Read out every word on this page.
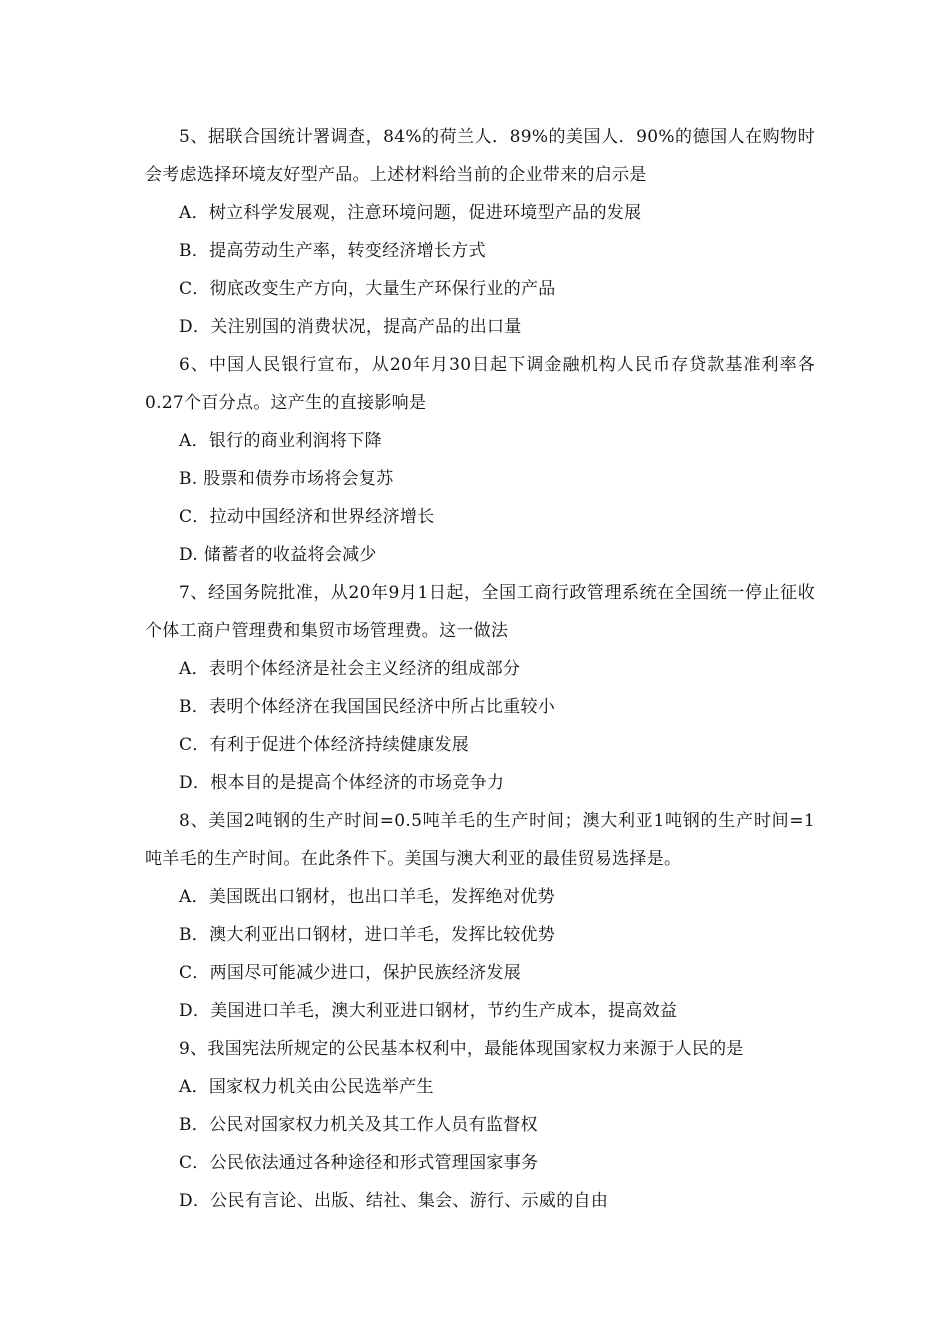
5、据联合国统计署调查，84%的荷兰人．89%的美国人．90%的德国人在购物时会考虑选择环境友好型产品。上述材料给当前的企业带来的启示是

A．树立科学发展观，注意环境问题，促进环境型产品的发展
B．提高劳动生产率，转变经济增长方式
C．彻底改变生产方向，大量生产环保行业的产品
D．关注别国的消费状况，提高产品的出口量

6、中国人民银行宣布，从20年月30日起下调金融机构人民币存贷款基准利率各0.27个百分点。这产生的直接影响是

A．银行的商业利润将下降
B. 股票和债券市场将会复苏
C．拉动中国经济和世界经济增长
D. 储蓄者的收益将会减少

7、经国务院批准，从20年9月1日起，全国工商行政管理系统在全国统一停止征收个体工商户管理费和集贸市场管理费。这一做法

A．表明个体经济是社会主义经济的组成部分
B．表明个体经济在我国国民经济中所占比重较小
C．有利于促进个体经济持续健康发展
D．根本目的是提高个体经济的市场竞争力

8、美国2吨钢的生产时间=0.5吨羊毛的生产时间；澳大利亚1吨钢的生产时间=1吨羊毛的生产时间。在此条件下。美国与澳大利亚的最佳贸易选择是。

A．美国既出口钢材，也出口羊毛，发挥绝对优势
B．澳大利亚出口钢材，进口羊毛，发挥比较优势
C．两国尽可能减少进口，保护民族经济发展
D．美国进口羊毛，澳大利亚进口钢材，节约生产成本，提高效益

9、我国宪法所规定的公民基本权利中，最能体现国家权力来源于人民的是

A．国家权力机关由公民选举产生
B．公民对国家权力机关及其工作人员有监督权
C．公民依法通过各种途径和形式管理国家事务
D．公民有言论、出版、结社、集会、游行、示威的自由
